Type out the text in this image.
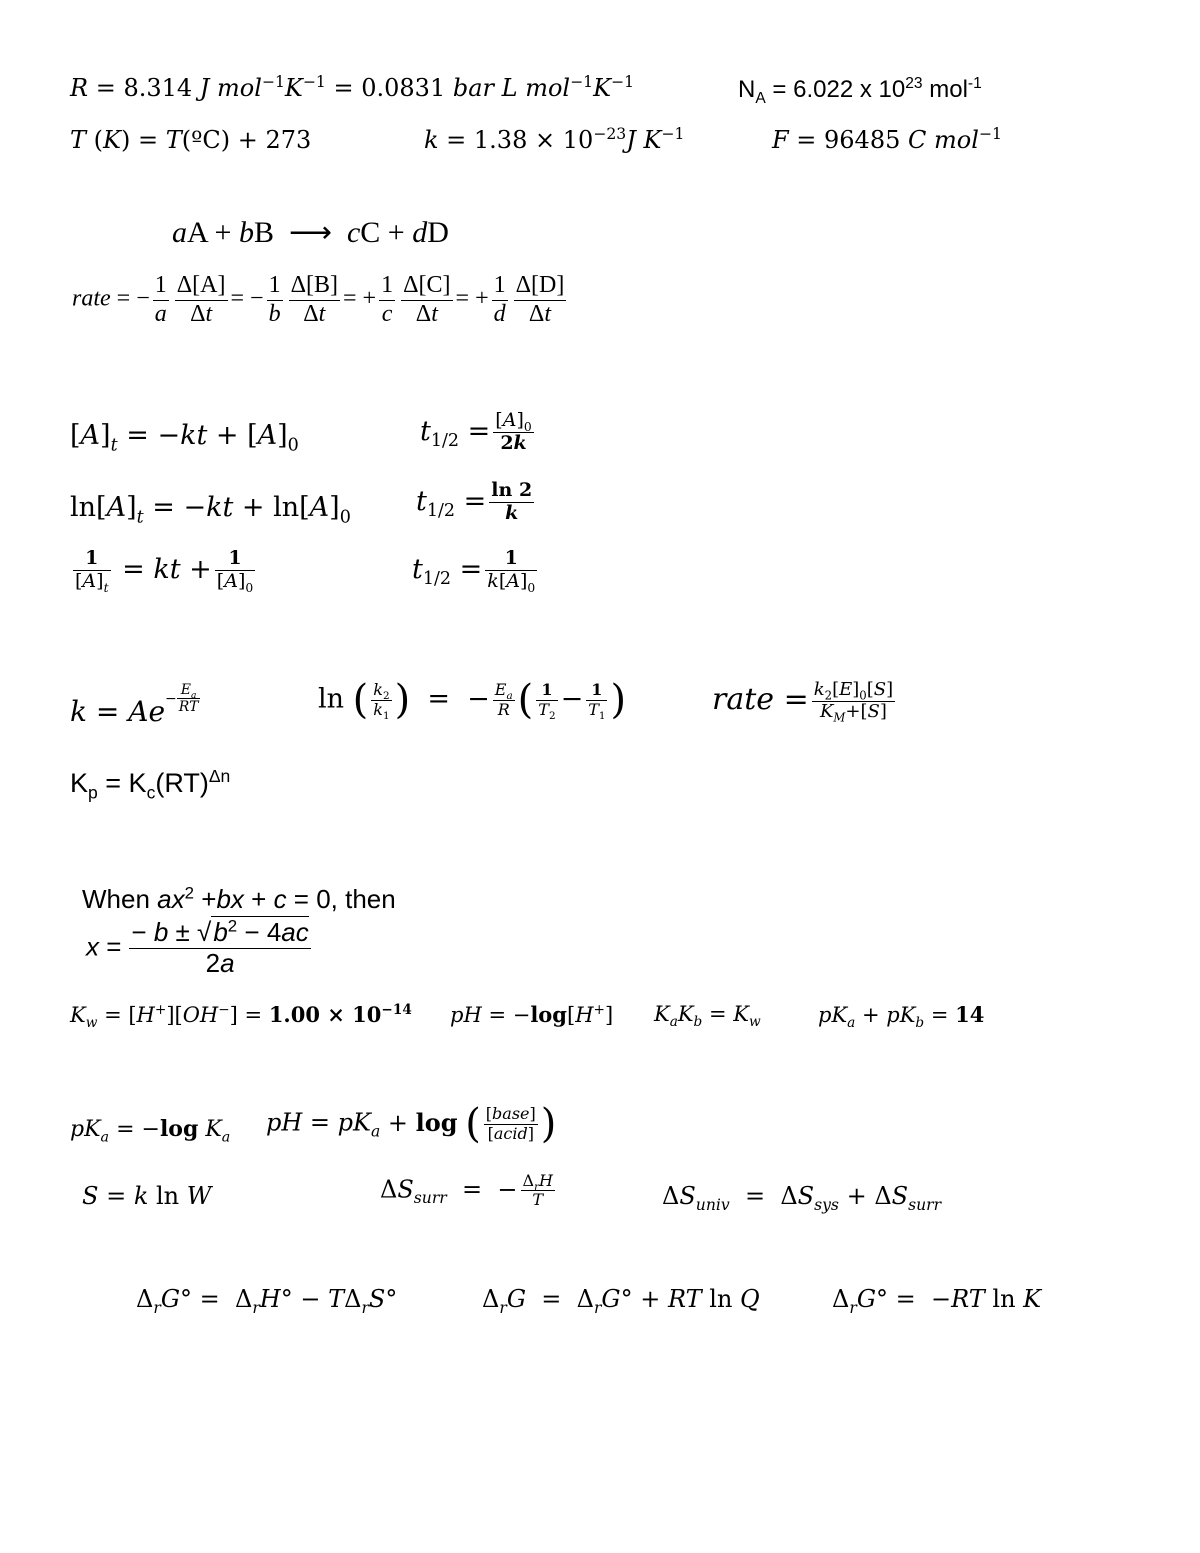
R = 8.314 J $mol^{-1}K^{-1} = 0.0831$ bar L $mol^{-1}K^{-1}$	$N_A = 6.022$ x $10^{23}$ mol$^{-1}$
T (K) = T(ºC) + 273	$k = 1.38 \times 10^{-23}J$ $K^{-1}$	F = 96485 C mol$^{-1}$
aA + bB  ⟶  cC + dD
rate = − $\frac{1}{a} \frac{\Delta[A]}{\Delta t}$ = − $\frac{1}{b} \frac{\Delta[B]}{\Delta t}$ = + $\frac{1}{c} \frac{\Delta[C]}{\Delta t}$ = + $\frac{1}{d} \frac{\Delta[D]}{\Delta t}$
$[A]_t = -kt + [A]_0$	$t_{1/2} = \frac{[A]_0}{2k}$
$\ln[A]_t = -kt + \ln[A]_0$
$t_{1/2} = \frac{\ln 2}{k}$
$\frac{1}{[A]_t}$ = kt + $\frac{1}{[A]_0}$	$t_{1/2} = \frac{1}{k[A]_0}$
$k = Ae^{- \frac{E_a}{RT}}$	ln ( $\frac{k_2}{k_1}$ )  =  − $\frac{E_a}{R}$ ( $\frac{1}{T_2} - \frac{1}{T_1}$ )	rate = $\frac{k_2[E]_0[S]}{K_M+[S]}$
$K_p = K_c(RT)^{\Delta n}$
When $ax^2 +bx + c = 0$, then
$x = \frac{- b \pm √b^2 - 4ac}{2a}$
$K_w = [H^+][OH^-] = 1.00 \times 10^{-14}$ pH = −log[H+] $K_aK_b = K_w$	$pK_a + pK_b = 14$
$pK_a = -\log$ $K_a$
pH = $pK_a + \log$ ( $\frac{\text{[base]}}{\text{[acid]}}$ )
S = k ln W	$\Delta S_{surr}$  =  − $\frac{\Delta_rH}{T}$	$\Delta S_{univ} = \Delta S_{sys} + \Delta S_{surr}$
$\Delta_rG^\circ = \Delta_rH^\circ - T\Delta_rS^\circ$	$\Delta_rG = \Delta_rG^\circ$ + RT ln Q	$\Delta_rG^\circ = -RT$ ln K
